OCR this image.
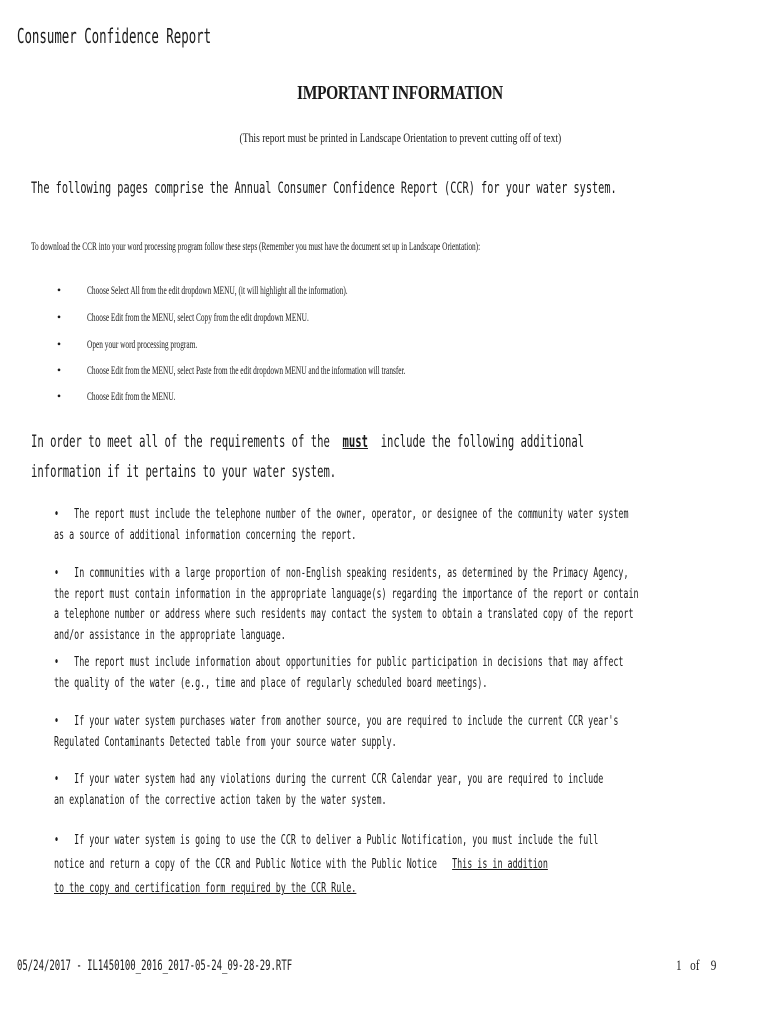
Consumer Confidence Report
IMPORTANT INFORMATION
(This report must be printed in Landscape Orientation to prevent cutting off of text)
The following pages comprise the Annual Consumer Confidence Report (CCR) for your water system.
To download the CCR into your word processing program follow these steps (Remember you must have the document set up in Landscape Orientation):
• Choose Select All from the edit dropdown MENU, (it will highlight all the information).
• Choose Edit from the MENU, select Copy from the edit dropdown MENU.
• Open your word processing program.
• Choose Edit from the MENU, select Paste from the edit dropdown MENU and the information will transfer.
• Choose Edit from the MENU.
In order to meet all of the requirements of the must include the following additional
information if it pertains to your water system.
• The report must include the telephone number of the owner, operator, or designee of the community water system
as a source of additional information concerning the report.
• In communities with a large proportion of non-English speaking residents, as determined by the Primacy Agency,
the report must contain information in the appropriate language(s) regarding the importance of the report or contain
a telephone number or address where such residents may contact the system to obtain a translated copy of the report
and/or assistance in the appropriate language.
• The report must include information about opportunities for public participation in decisions that may affect
the quality of the water (e.g., time and place of regularly scheduled board meetings).
• If your water system purchases water from another source, you are required to include the current CCR year's
Regulated Contaminants Detected table from your source water supply.
• If your water system had any violations during the current CCR Calendar year, you are required to include
an explanation of the corrective action taken by the water system.
• If your water system is going to use the CCR to deliver a Public Notification, you must include the full
notice and return a copy of the CCR and Public Notice with the Public Notice This is in addition
to the copy and certification form required by the CCR Rule.
05/24/2017 - IL1450100_2016_2017-05-24_09-28-29.RTF	1 of 9
